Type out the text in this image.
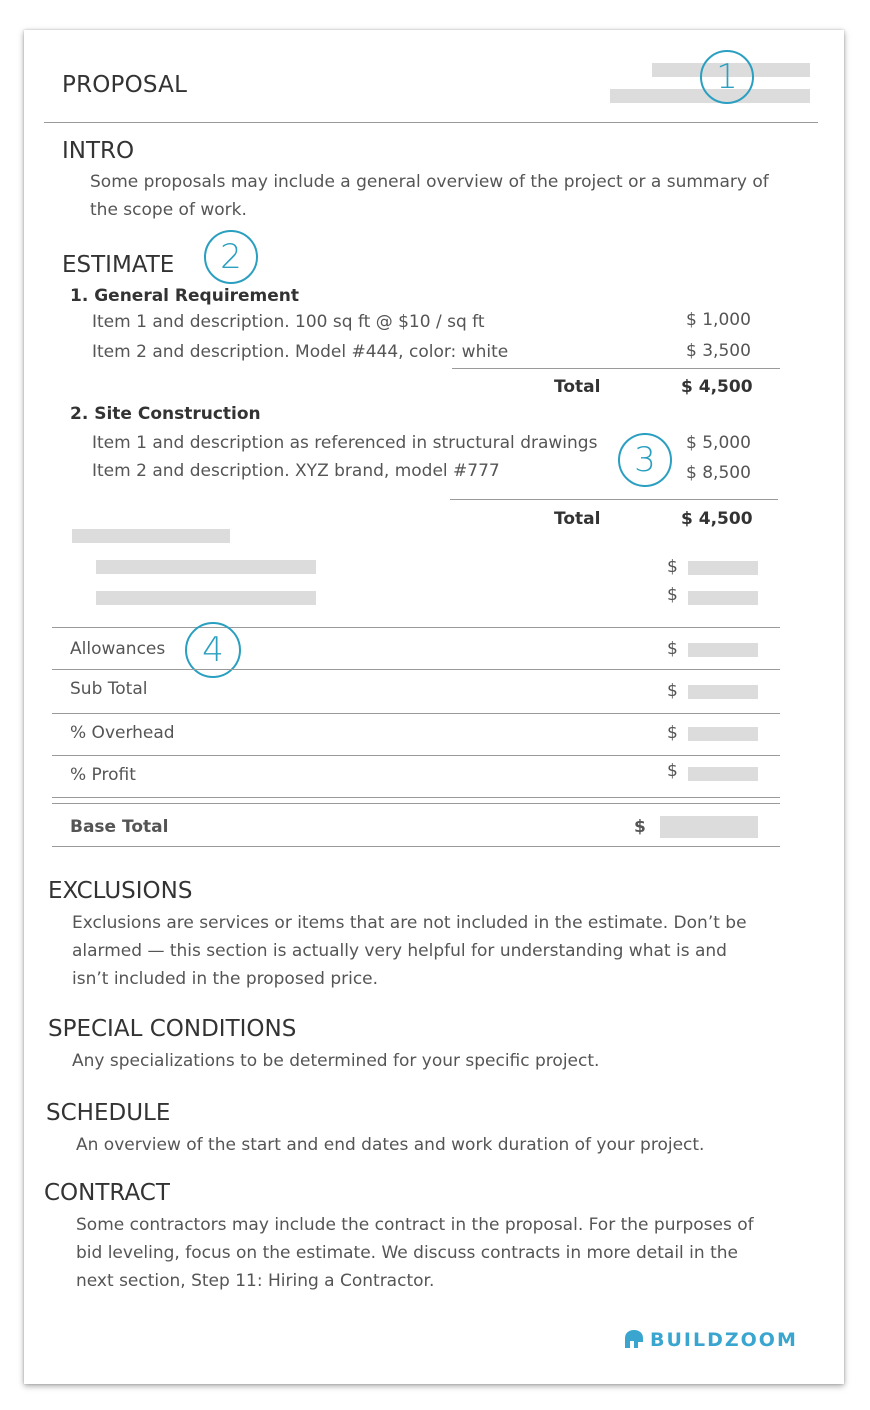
PROPOSAL	1
INTRO
Some proposals may include a general overview of the project or a summary of
the scope of work.
ESTIMATE	2
1. General Requirement
Item 1 and description. 100 sq ft @ $10 / sq ft	$ 1,000
Item 2 and description. Model #444, color: white	$ 3,500
Total	$ 4,500
2. Site Construction
Item 1 and description as referenced in structural drawings	$ 5,000
Item 2 and description. XYZ brand, model #777	$ 8,500
3
Total	$ 4,500
$
$
Allowances	4	$
Sub Total	$
% Overhead	$
% Profit	$
Base Total	$
EXCLUSIONS
Exclusions are services or items that are not included in the estimate. Don’t be
alarmed — this section is actually very helpful for understanding what is and
isn’t included in the proposed price.
SPECIAL CONDITIONS
Any specializations to be determined for your specific project.
SCHEDULE
An overview of the start and end dates and work duration of your project.
CONTRACT
Some contractors may include the contract in the proposal. For the purposes of
bid leveling, focus on the estimate. We discuss contracts in more detail in the
next section, Step 11: Hiring a Contractor.
BUILDZOOM
